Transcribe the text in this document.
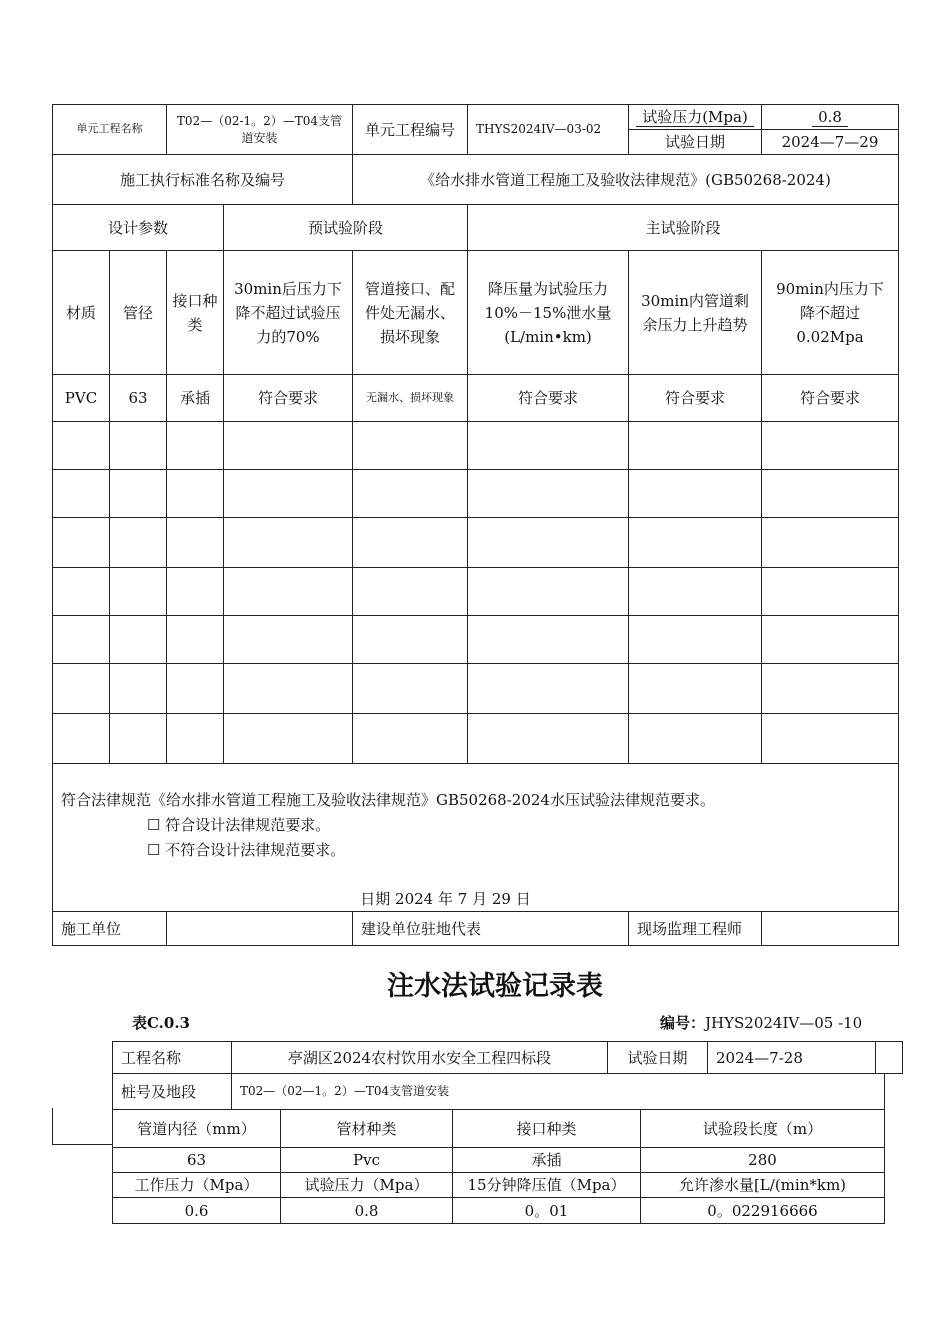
单元工程名称		T02—（02-1。2）—T04支管道安装		单元工程编号	THYS2024IV—03-02	试验压力(Mpa)	0.8
						试验日期	2024—7—29
施工执行标准名称及编号				《给水排水管道工程施工及验收法律规范》(GB50268-2024)			
设计参数			预试验阶段		主试验阶段		
材质	管径	接口种类	30min后压力下降不超过试验压力的70%	管道接口、配件处无漏水、损坏现象	降压量为试验压力10%－15%泄水量(L/min•km)	30min内管道剩余压力上升趋势	90min内压力下降不超过0.02Mpa
PVC	63	承插	符合要求	无漏水、损坏现象	符合要求	符合要求	符合要求

符合法律规范《给水排水管道工程施工及验收法律规范》GB50268-2024水压试验法律规范要求。
☐ 符合设计法律规范要求。
☐ 不符合设计法律规范要求。
日期 2024 年 7 月 29 日							

施工单位				建设单位驻地代表		现场监理工程师	
注水法试验记录表
表C.0.3	编号：JHYS2024IV—05 -10
工程名称	亭湖区2024农村饮用水安全工程四标段	试验日期	2024—7-28	
桩号及地段	T02—（02—1。2）—T04支管道安装
管道内径（mm）	管材种类	接口种类	试验段长度（m）
63	Pvc	承插	280
工作压力（Mpa）	试验压力（Mpa）	15分钟降压值（Mpa）	允许渗水量[L/(min*km)
0.6	0.8	0。01	0。022916666
